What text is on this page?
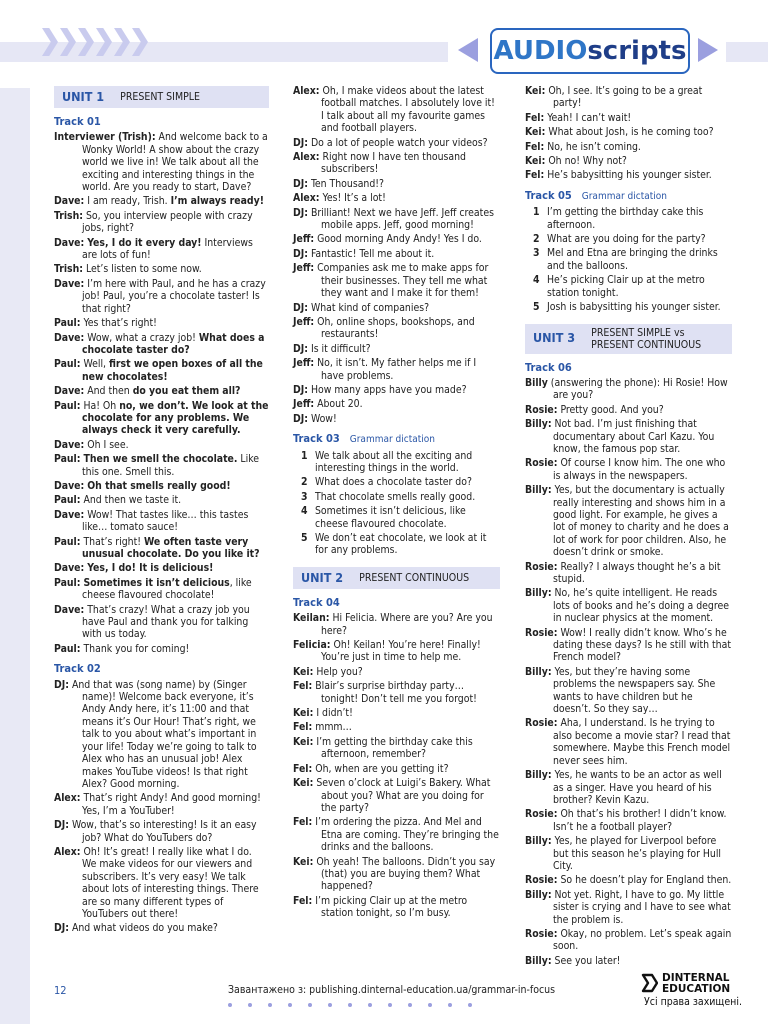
AUDIO scripts
UNIT 1 PRESENT SIMPLE
Track 01
Interviewer (Trish): And welcome back to a Wonky World! A show about the crazy world we live in! We talk about all the exciting and interesting things in the world. Are you ready to start, Dave?
Dave: I am ready, Trish. I’m always ready!
Trish: So, you interview people with crazy jobs, right?
Dave: Yes, I do it every day! Interviews are lots of fun!
Trish: Let’s listen to some now.
Dave: I’m here with Paul, and he has a crazy job! Paul, you’re a chocolate taster! Is that right?
Paul: Yes that’s right!
Dave: Wow, what a crazy job! What does a chocolate taster do?
Paul: Well, first we open boxes of all the new chocolates!
Dave: And then do you eat them all?
Paul: Ha! Oh no, we don’t. We look at the chocolate for any problems. We always check it very carefully.
Dave: Oh I see.
Paul: Then we smell the chocolate. Like this one. Smell this.
Dave: Oh that smells really good!
Paul: And then we taste it.
Dave: Wow! That tastes like… this tastes like… tomato sauce!
Paul: That’s right! We often taste very unusual chocolate. Do you like it?
Dave: Yes, I do! It is delicious!
Paul: Sometimes it isn’t delicious, like cheese flavoured chocolate!
Dave: That’s crazy! What a crazy job you have Paul and thank you for talking with us today.
Paul: Thank you for coming!
Track 02
DJ: And that was (song name) by (Singer name)! Welcome back everyone, it’s Andy Andy here, it’s 11:00 and that means it’s Our Hour! That’s right, we talk to you about what’s important in your life! Today we’re going to talk to Alex who has an unusual job! Alex makes YouTube videos! Is that right Alex? Good morning.
Alex: That’s right Andy! And good morning! Yes, I’m a YouTuber!
DJ: Wow, that’s so interesting! Is it an easy job? What do YouTubers do?
Alex: Oh! It’s great! I really like what I do. We make videos for our viewers and subscribers. It’s very easy! We talk about lots of interesting things. There are so many different types of YouTubers out there!
DJ: And what videos do you make?
Alex: Oh, I make videos about the latest football matches. I absolutely love it! I talk about all my favourite games and football players.
DJ: Do a lot of people watch your videos?
Alex: Right now I have ten thousand subscribers!
DJ: Ten Thousand!?
Alex: Yes! It’s a lot!
DJ: Brilliant! Next we have Jeff. Jeff creates mobile apps. Jeff, good morning!
Jeff: Good morning Andy Andy! Yes I do.
DJ: Fantastic! Tell me about it.
Jeff: Companies ask me to make apps for their businesses. They tell me what they want and I make it for them!
DJ: What kind of companies?
Jeff: Oh, online shops, bookshops, and restaurants!
DJ: Is it difficult?
Jeff: No, it isn’t. My father helps me if I have problems.
DJ: How many apps have you made?
Jeff: About 20.
DJ: Wow!
Track 03 Grammar dictation
1 We talk about all the exciting and interesting things in the world.
2 What does a chocolate taster do?
3 That chocolate smells really good.
4 Sometimes it isn’t delicious, like cheese flavoured chocolate.
5 We don’t eat chocolate, we look at it for any problems.
UNIT 2 PRESENT CONTINUOUS
Track 04
Keilan: Hi Felicia. Where are you? Are you here?
Felicia: Oh! Keilan! You’re here! Finally! You’re just in time to help me.
Kei: Help you?
Fel: Blair’s surprise birthday party… tonight! Don’t tell me you forgot!
Kei: I didn’t!
Fel: mmm…
Kei: I’m getting the birthday cake this afternoon, remember?
Fel: Oh, when are you getting it?
Kei: Seven o’clock at Luigi’s Bakery. What about you? What are you doing for the party?
Fel: I’m ordering the pizza. And Mel and Etna are coming. They’re bringing the drinks and the balloons.
Kei: Oh yeah! The balloons. Didn’t you say (that) you are buying them? What happened?
Fel: I’m picking Clair up at the metro station tonight, so I’m busy.
Kei: Oh, I see. It’s going to be a great party!
Fel: Yeah! I can’t wait!
Kei: What about Josh, is he coming too?
Fel: No, he isn’t coming.
Kei: Oh no! Why not?
Fel: He’s babysitting his younger sister.
Track 05 Grammar dictation
1 I’m getting the birthday cake this afternoon.
2 What are you doing for the party?
3 Mel and Etna are bringing the drinks and the balloons.
4 He’s picking Clair up at the metro station tonight.
5 Josh is babysitting his younger sister.
UNIT 3 PRESENT SIMPLE vs PRESENT CONTINUOUS
Track 06
Billy (answering the phone): Hi Rosie! How are you?
Rosie: Pretty good. And you?
Billy: Not bad. I’m just finishing that documentary about Carl Kazu. You know, the famous pop star.
Rosie: Of course I know him. The one who is always in the newspapers.
Billy: Yes, but the documentary is actually really interesting and shows him in a good light. For example, he gives a lot of money to charity and he does a lot of work for poor children. Also, he doesn’t drink or smoke.
Rosie: Really? I always thought he’s a bit stupid.
Billy: No, he’s quite intelligent. He reads lots of books and he’s doing a degree in nuclear physics at the moment.
Rosie: Wow! I really didn’t know. Who’s he dating these days? Is he still with that French model?
Billy: Yes, but they’re having some problems the newspapers say. She wants to have children but he doesn’t. So they say…
Rosie: Aha, I understand. Is he trying to also become a movie star? I read that somewhere. Maybe this French model never sees him.
Billy: Yes, he wants to be an actor as well as a singer. Have you heard of his brother? Kevin Kazu.
Rosie: Oh that’s his brother! I didn’t know. Isn’t he a football player?
Billy: Yes, he played for Liverpool before but this season he’s playing for Hull City.
Rosie: So he doesn’t play for England then.
Billy: Not yet. Right, I have to go. My little sister is crying and I have to see what the problem is.
Rosie: Okay, no problem. Let’s speak again soon.
Billy: See you later!
12	Завантажено з: publishing.dinternal-education.ua/grammar-in-focus
DINTERNAL
EDUCATION
Усі права захищені.
